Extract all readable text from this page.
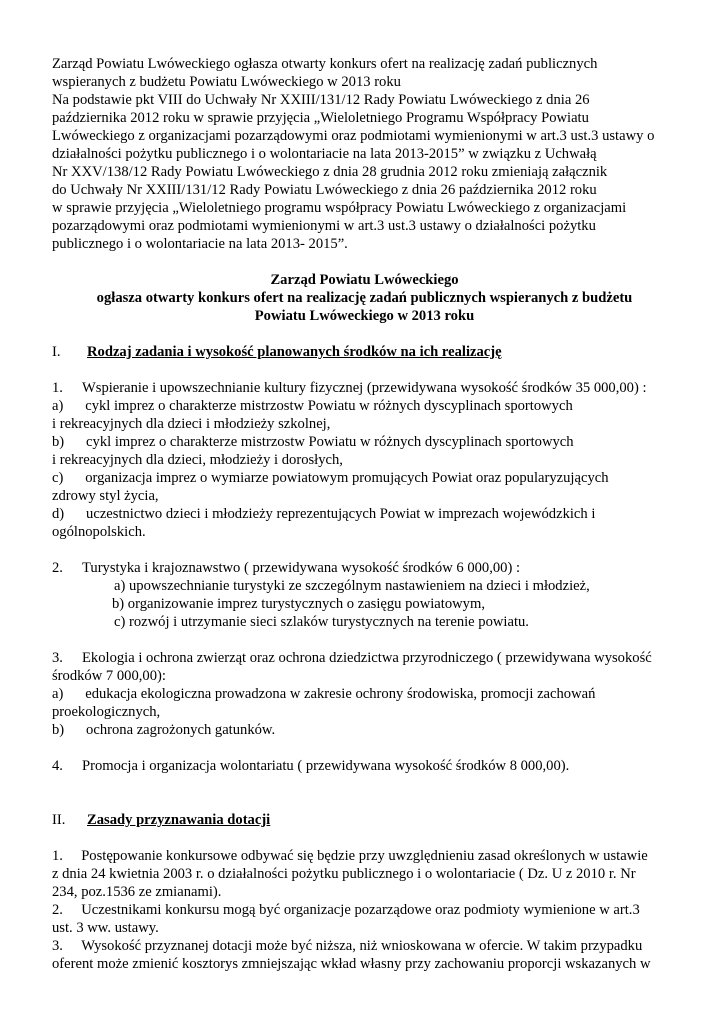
Zarząd Powiatu Lwóweckiego ogłasza otwarty konkurs ofert na realizację zadań publicznych

wspieranych z budżetu Powiatu Lwóweckiego w 2013 roku

Na podstawie pkt VIII do Uchwały Nr XXIII/131/12 Rady Powiatu Lwóweckiego z dnia 26

października 2012 roku w sprawie przyjęcia „Wieloletniego Programu Współpracy Powiatu

Lwóweckiego z organizacjami pozarządowymi oraz podmiotami wymienionymi w art.3 ust.3 ustawy o

działalności pożytku publicznego i o wolontariacie na lata 2013-2015” w związku z Uchwałą

Nr XXV/138/12 Rady Powiatu Lwóweckiego z dnia 28 grudnia 2012 roku zmieniają załącznik

do Uchwały Nr XXIII/131/12 Rady Powiatu Lwóweckiego z dnia 26 października 2012 roku

w sprawie przyjęcia „Wieloletniego programu współpracy Powiatu Lwóweckiego z organizacjami

pozarządowymi oraz podmiotami wymienionymi w art.3 ust.3 ustawy o działalności pożytku

publicznego i o wolontariacie na lata 2013- 2015”.

Zarząd Powiatu Lwóweckiego

ogłasza otwarty konkurs ofert na realizację zadań publicznych wspieranych z budżetu

Powiatu Lwóweckiego w 2013 roku

I. Rodzaj zadania i wysokość planowanych środków na ich realizację

1. Wspieranie i upowszechnianie kultury fizycznej (przewidywana wysokość środków 35 000,00) :

a)      cykl imprez o charakterze mistrzostw Powiatu w różnych dyscyplinach sportowych

i rekreacyjnych dla dzieci i młodzieży szkolnej,

b)      cykl imprez o charakterze mistrzostw Powiatu w różnych dyscyplinach sportowych

i rekreacyjnych dla dzieci, młodzieży i dorosłych,

c)      organizacja imprez o wymiarze powiatowym promujących Powiat oraz popularyzujących

zdrowy styl życia,

d)      uczestnictwo dzieci i młodzieży reprezentujących Powiat w imprezach wojewódzkich i

ogólnopolskich.

2. Turystyka i krajoznawstwo ( przewidywana wysokość środków 6 000,00) :

a) upowszechnianie turystyki ze szczególnym nastawieniem na dzieci i młodzież,

b) organizowanie imprez turystycznych o zasięgu powiatowym,

c) rozwój i utrzymanie sieci szlaków turystycznych na terenie powiatu.

3. Ekologia i ochrona zwierząt oraz ochrona dziedzictwa przyrodniczego ( przewidywana wysokość

środków 7 000,00):

a)      edukacja ekologiczna prowadzona w zakresie ochrony środowiska, promocji zachowań

proekologicznych,

b)      ochrona zagrożonych gatunków.

4. Promocja i organizacja wolontariatu ( przewidywana wysokość środków 8 000,00).

II. Zasady przyznawania dotacji

1.     Postępowanie konkursowe odbywać się będzie przy uwzględnieniu zasad określonych w ustawie

z dnia 24 kwietnia 2003 r. o działalności pożytku publicznego i o wolontariacie ( Dz. U z 2010 r. Nr

234, poz.1536 ze zmianami).

2.     Uczestnikami konkursu mogą być organizacje pozarządowe oraz podmioty wymienione w art.3

ust. 3 ww. ustawy.

3.     Wysokość przyznanej dotacji może być niższa, niż wnioskowana w ofercie. W takim przypadku

oferent może zmienić kosztorys zmniejszając wkład własny przy zachowaniu proporcji wskazanych w
